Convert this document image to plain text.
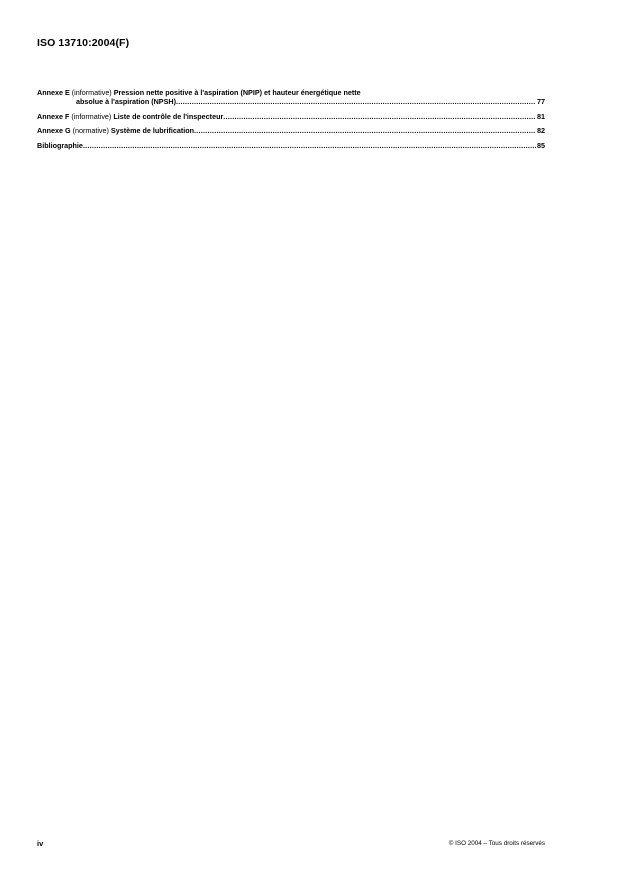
ISO 13710:2004(F)
Annexe E (informative) Pression nette positive à l'aspiration (NPIP) et hauteur énergétique nette
absolue à l'aspiration (NPSH) .....	77
Annexe F (informative) Liste de contrôle de l'inspecteur .....	81
Annexe G (normative) Système de lubrification .....	82
Bibliographie .....	85
iv	© ISO 2004 – Tous droits réservés
